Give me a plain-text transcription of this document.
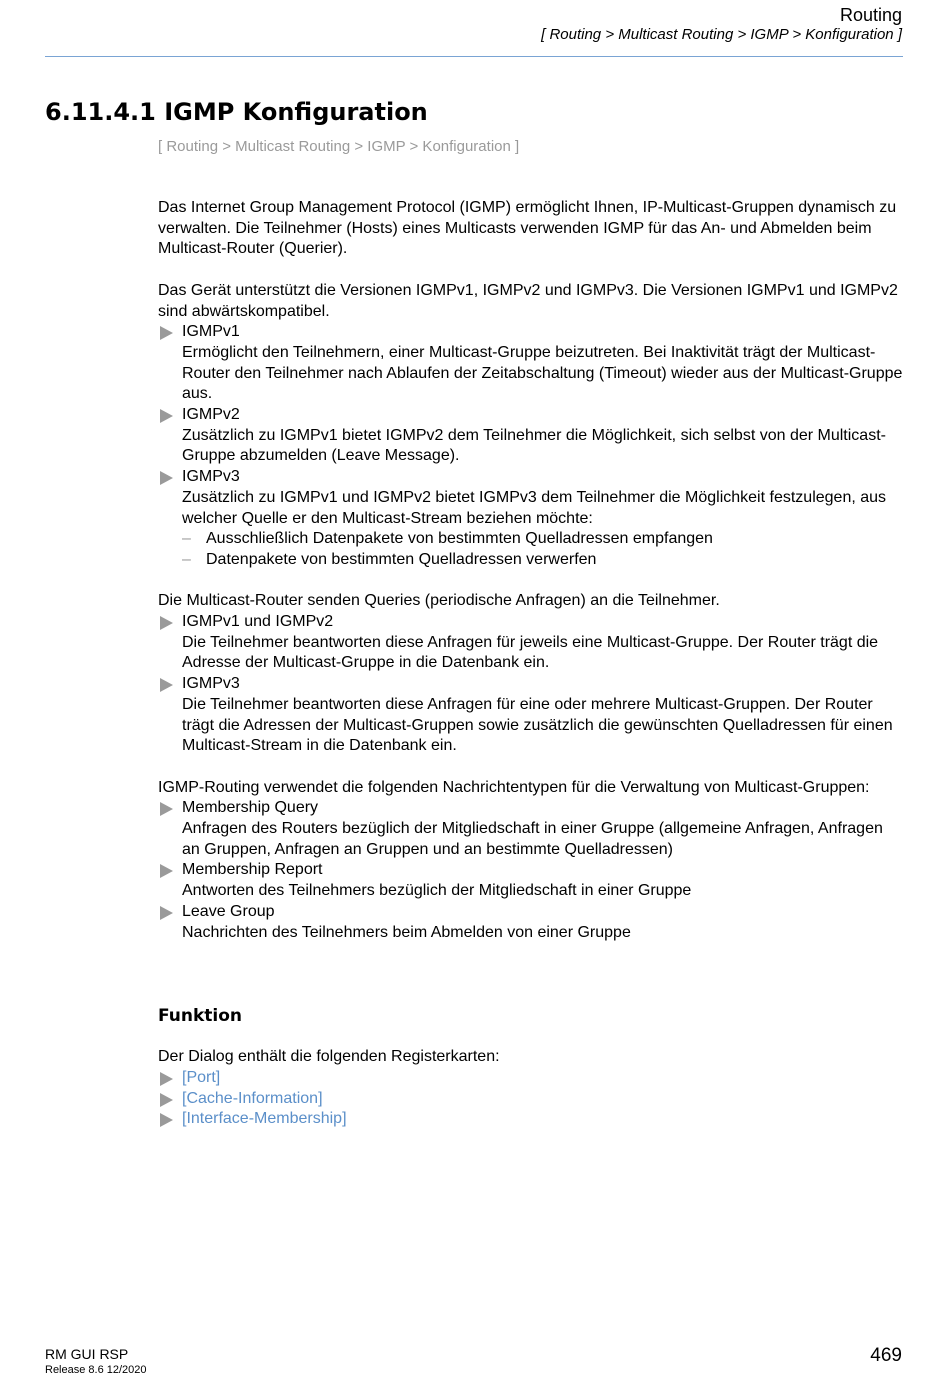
Routing
[ Routing > Multicast Routing > IGMP > Konfiguration ]
6.11.4.1 IGMP Konfiguration
[ Routing > Multicast Routing > IGMP > Konfiguration ]

Das Internet Group Management Protocol (IGMP) ermöglicht Ihnen, IP-Multicast-Gruppen dynamisch zu verwalten. Die Teilnehmer (Hosts) eines Multicasts verwenden IGMP für das An- und Abmelden beim Multicast-Router (Querier).

Das Gerät unterstützt die Versionen IGMPv1, IGMPv2 und IGMPv3. Die Versionen IGMPv1 und IGMPv2 sind abwärtskompatibel.

IGMPv1
Ermöglicht den Teilnehmern, einer Multicast-Gruppe beizutreten. Bei Inaktivität trägt der Multicast-Router den Teilnehmer nach Ablaufen der Zeitabschaltung (Timeout) wieder aus der Multicast-Gruppe aus.
IGMPv2
Zusätzlich zu IGMPv1 bietet IGMPv2 dem Teilnehmer die Möglichkeit, sich selbst von der Multicast-Gruppe abzumelden (Leave Message).
IGMPv3
Zusätzlich zu IGMPv1 und IGMPv2 bietet IGMPv3 dem Teilnehmer die Möglichkeit festzulegen, aus welcher Quelle er den Multicast-Stream beziehen möchte:
– Ausschließlich Datenpakete von bestimmten Quelladressen empfangen
– Datenpakete von bestimmten Quelladressen verwerfen

Die Multicast-Router senden Queries (periodische Anfragen) an die Teilnehmer.

IGMPv1 und IGMPv2
Die Teilnehmer beantworten diese Anfragen für jeweils eine Multicast-Gruppe. Der Router trägt die Adresse der Multicast-Gruppe in die Datenbank ein.
IGMPv3
Die Teilnehmer beantworten diese Anfragen für eine oder mehrere Multicast-Gruppen. Der Router trägt die Adressen der Multicast-Gruppen sowie zusätzlich die gewünschten Quelladressen für einen Multicast-Stream in die Datenbank ein.

IGMP-Routing verwendet die folgenden Nachrichtentypen für die Verwaltung von Multicast-Gruppen:

Membership Query
Anfragen des Routers bezüglich der Mitgliedschaft in einer Gruppe (allgemeine Anfragen, Anfragen an Gruppen, Anfragen an Gruppen und an bestimmte Quelladressen)
Membership Report
Antworten des Teilnehmers bezüglich der Mitgliedschaft in einer Gruppe
Leave Group
Nachrichten des Teilnehmers beim Abmelden von einer Gruppe
Funktion

Der Dialog enthält die folgenden Registerkarten:

[Port]
[Cache-Information]
[Interface-Membership]
RM GUI RSP
Release 8.6 12/2020
469
